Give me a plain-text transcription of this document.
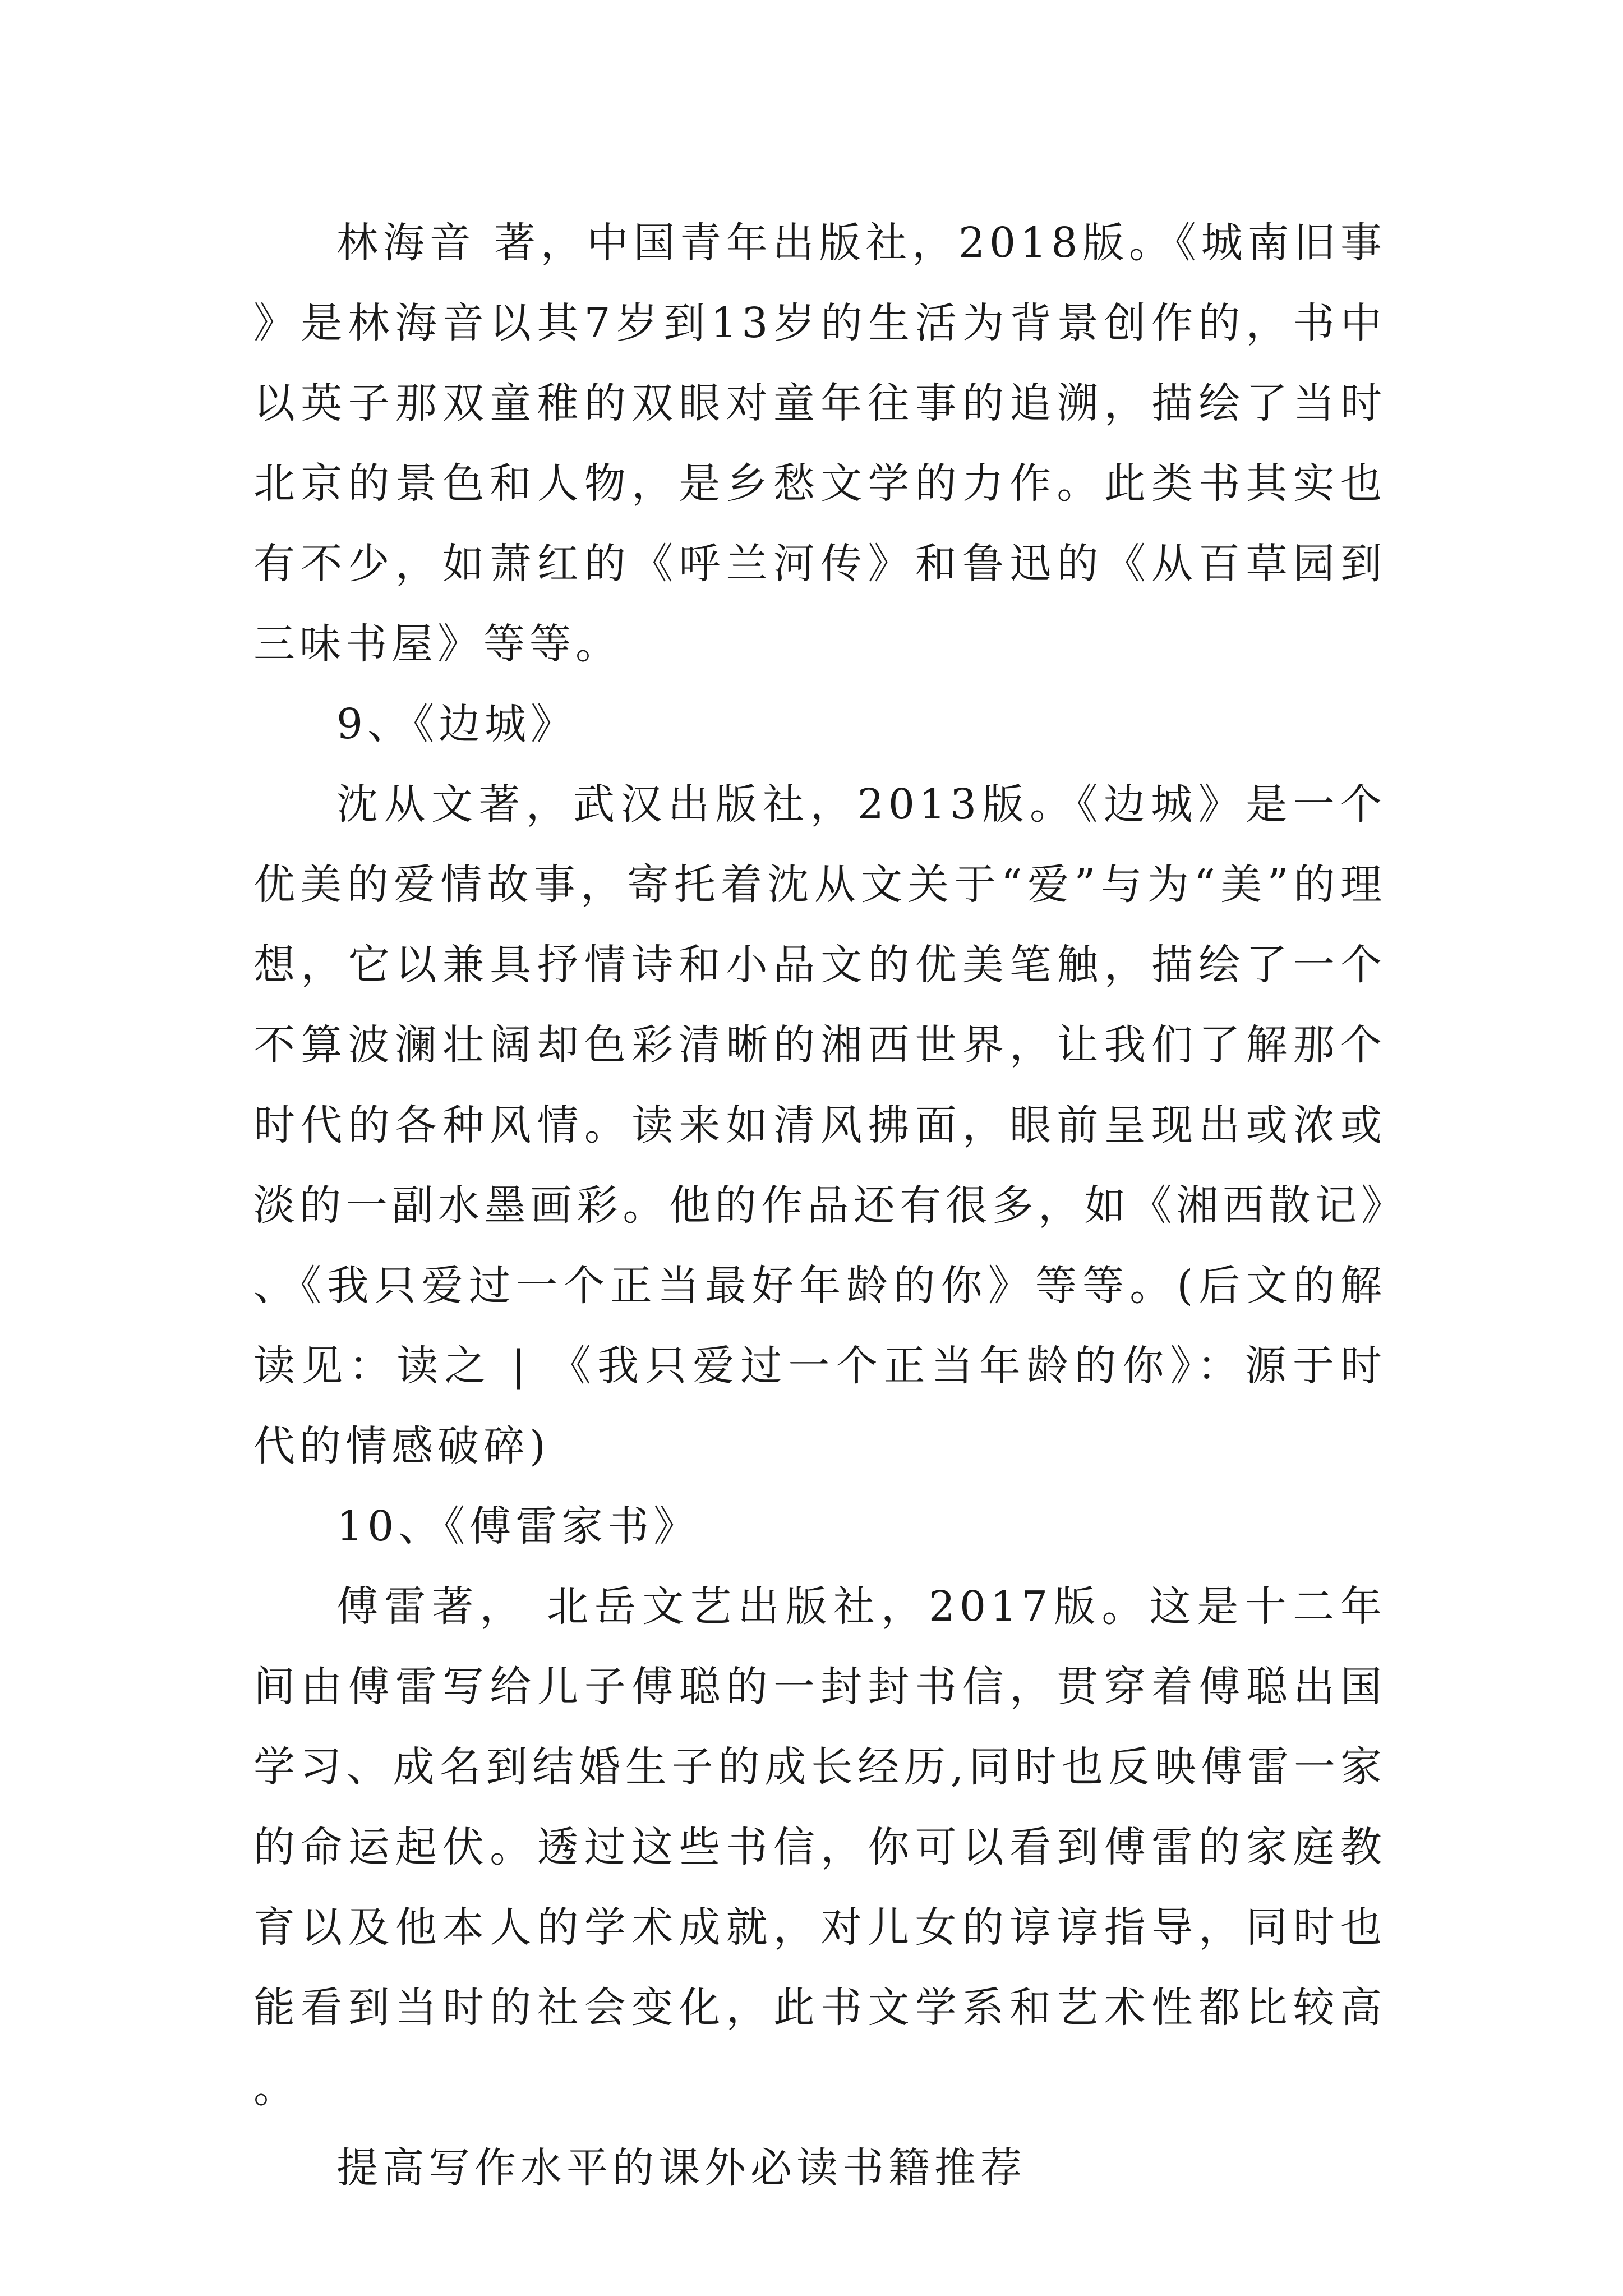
林海音 著，中国青年出版社，2018版。《城南旧事》是林海音以其7岁到13岁的生活为背景创作的，书中以英子那双童稚的双眼对童年往事的追溯，描绘了当时北京的景色和人物，是乡愁文学的力作。此类书其实也有不少，如萧红的《呼兰河传》和鲁迅的《从百草园到三味书屋》等等。

9、《边城》

沈从文著，武汉出版社，2013版。《边城》是一个优美的爱情故事，寄托着沈从文关于“爱”与为“美”的理想，它以兼具抒情诗和小品文的优美笔触，描绘了一个不算波澜壮阔却色彩清晰的湘西世界，让我们了解那个时代的各种风情。读来如清风拂面，眼前呈现出或浓或淡的一副水墨画彩。他的作品还有很多，如《湘西散记》、《我只爱过一个正当最好年龄的你》等等。(后文的解读见：读之 | 《我只爱过一个正当年龄的你》：源于时代的情感破碎)

10、《傅雷家书》

傅雷著， 北岳文艺出版社，2017版。这是十二年间由傅雷写给儿子傅聪的一封封书信，贯穿着傅聪出国学习、成名到结婚生子的成长经历,同时也反映傅雷一家的命运起伏。透过这些书信，你可以看到傅雷的家庭教育以及他本人的学术成就，对儿女的谆谆指导，同时也能看到当时的社会变化，此书文学系和艺术性都比较高。

提高写作水平的课外必读书籍推荐
